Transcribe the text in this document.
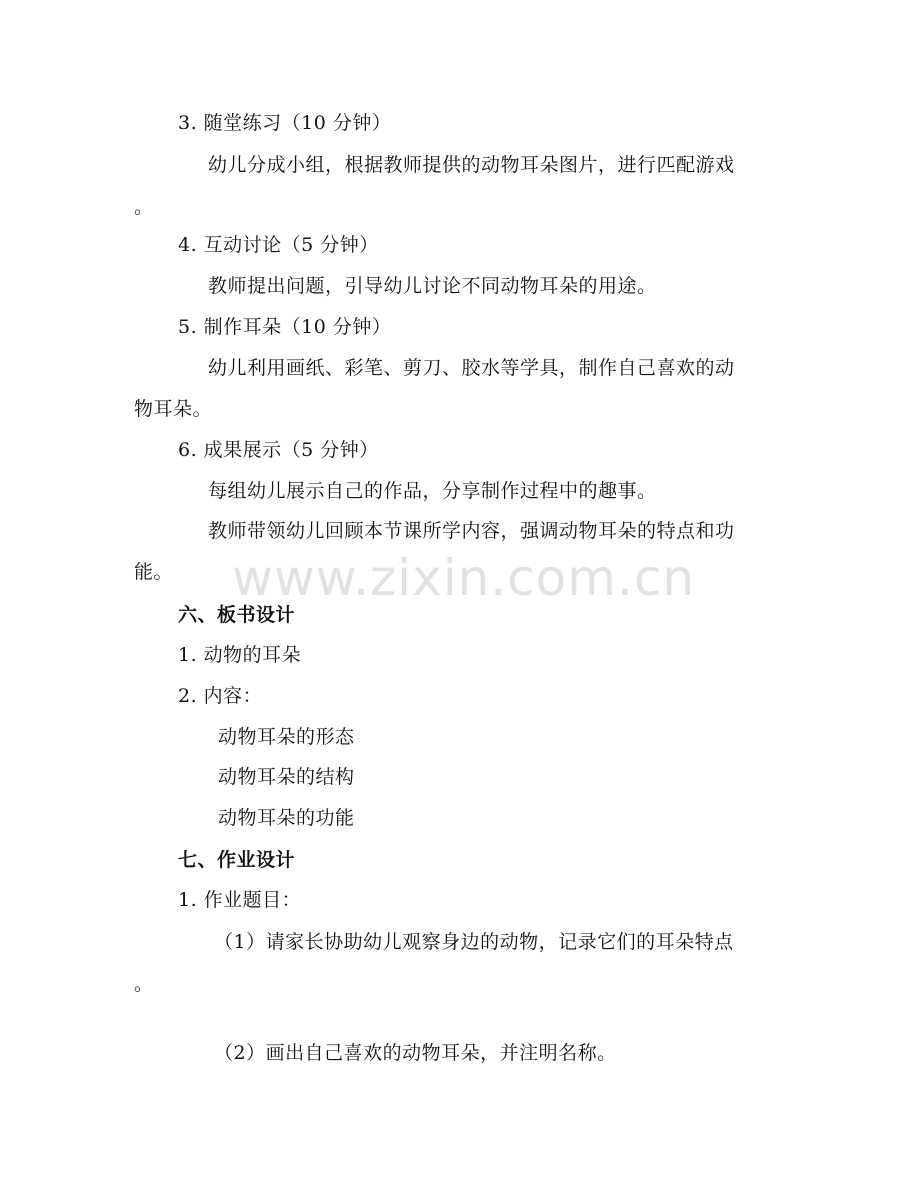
www.zixin.com.cn
3. 随堂练习（10 分钟）
幼儿分成小组，根据教师提供的动物耳朵图片，进行匹配游戏
。
4. 互动讨论（5 分钟）
教师提出问题，引导幼儿讨论不同动物耳朵的用途。
5. 制作耳朵（10 分钟）
幼儿利用画纸、彩笔、剪刀、胶水等学具，制作自己喜欢的动
物耳朵。
6. 成果展示（5 分钟）
每组幼儿展示自己的作品，分享制作过程中的趣事。
教师带领幼儿回顾本节课所学内容，强调动物耳朵的特点和功
能。
六、板书设计
1. 动物的耳朵
2. 内容：
动物耳朵的形态
动物耳朵的结构
动物耳朵的功能
七、作业设计
1. 作业题目：
（1）请家长协助幼儿观察身边的动物，记录它们的耳朵特点
。
（2）画出自己喜欢的动物耳朵，并注明名称。
